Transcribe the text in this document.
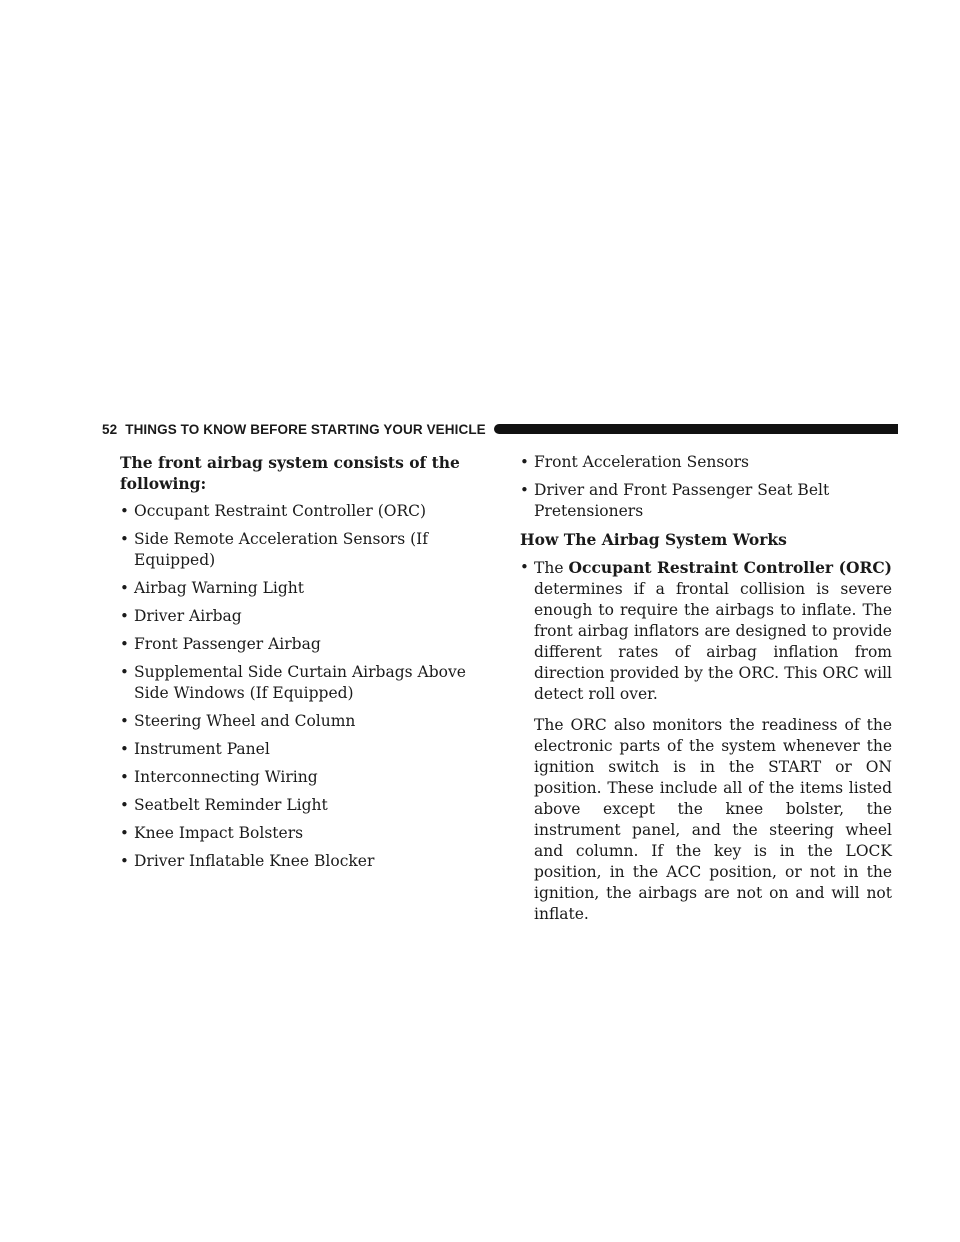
52 THINGS TO KNOW BEFORE STARTING YOUR VEHICLE

The front airbag system consists of the following:

• Occupant Restraint Controller (ORC)
• Side Remote Acceleration Sensors (If Equipped)
• Airbag Warning Light
• Driver Airbag
• Front Passenger Airbag
• Supplemental Side Curtain Airbags Above Side Windows (If Equipped)
• Steering Wheel and Column
• Instrument Panel
• Interconnecting Wiring
• Seatbelt Reminder Light
• Knee Impact Bolsters
• Driver Inflatable Knee Blocker
• Front Acceleration Sensors
• Driver and Front Passenger Seat Belt Pretensioners
How The Airbag System Works
• The Occupant Restraint Controller (ORC) determines if a frontal collision is severe enough to require the airbags to inflate. The front airbag inflators are designed to provide different rates of airbag inflation from direction provided by the ORC. This ORC will detect roll over.

The ORC also monitors the readiness of the electronic parts of the system whenever the ignition switch is in the START or ON position. These include all of the items listed above except the knee bolster, the instrument panel, and the steering wheel and column. If the key is in the LOCK position, in the ACC position, or not in the ignition, the airbags are not on and will not inflate.
